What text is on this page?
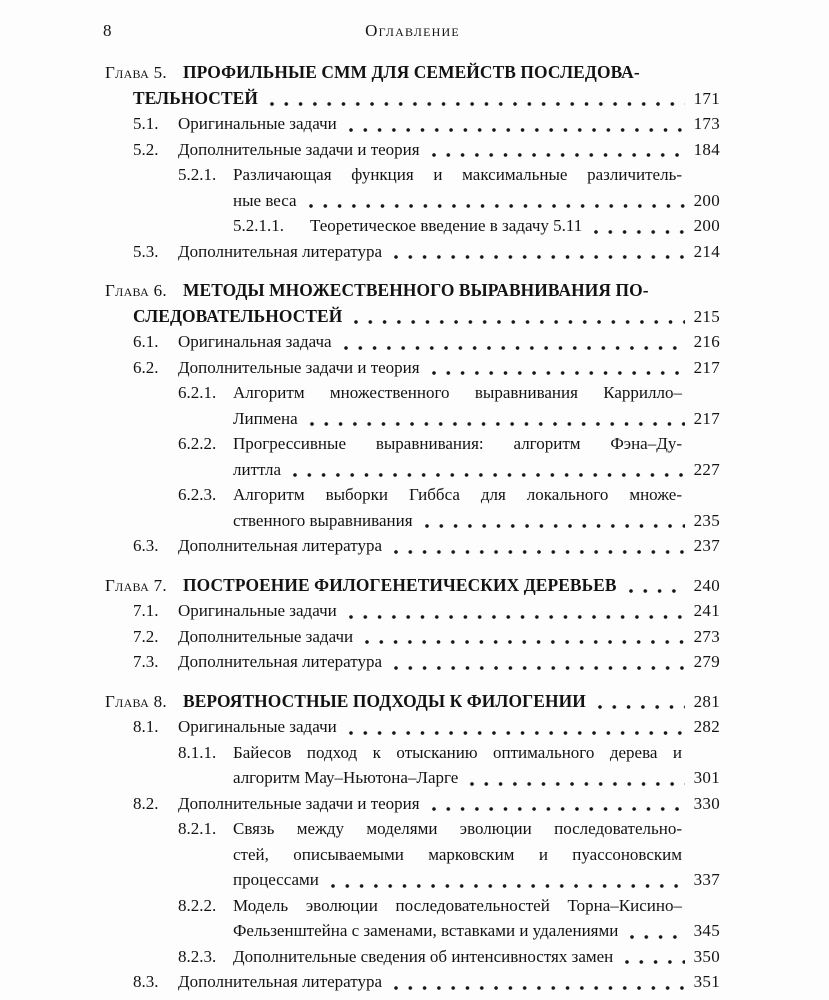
8	Оглавление
Глава 5. ПРОФИЛЬНЫЕ СММ ДЛЯ СЕМЕЙСТВ ПОСЛЕДОВА-
ТЕЛЬНОСТЕЙ	171
5.1.	Оригинальные задачи	173
5.2.	Дополнительные задачи и теория	184
5.2.1. Различающая функция и максимальные различитель-
ные веса	200
5.2.1.1.	Теоретическое введение в задачу 5.11	200
5.3.	Дополнительная литература	214
Глава 6. МЕТОДЫ МНОЖЕСТВЕННОГО ВЫРАВНИВАНИЯ ПО-
СЛЕДОВАТЕЛЬНОСТЕЙ	215
6.1.	Оригинальная задача	216
6.2.	Дополнительные задачи и теория	217
6.2.1. Алгоритм множественного выравнивания Каррилло–
Липмена	217
6.2.2. Прогрессивные выравнивания: алгоритм Фэна–Ду-
литтла	227
6.2.3. Алгоритм выборки Гиббса для локального множе-
ственного выравнивания	235
6.3.	Дополнительная литература	237
Глава 7. ПОСТРОЕНИЕ ФИЛОГЕНЕТИЧЕСКИХ ДЕРЕВЬЕВ	240
7.1.	Оригинальные задачи	241
7.2.	Дополнительные задачи	273
7.3.	Дополнительная литература	279
Глава 8. ВЕРОЯТНОСТНЫЕ ПОДХОДЫ К ФИЛОГЕНИИ	281
8.1.	Оригинальные задачи	282
8.1.1. Байесов подход к отысканию оптимального дерева и
алгоритм Мау–Ньютона–Ларге	301
8.2.	Дополнительные задачи и теория	330
8.2.1. Связь между моделями эволюции последовательно-
стей, описываемыми марковским и пуассоновским
процессами	337
8.2.2. Модель эволюции последовательностей Торна–Кисино–
Фельзенштейна с заменами, вставками и удалениями	345
8.2.3. Дополнительные сведения об интенсивностях замен	350
8.3.	Дополнительная литература	351
